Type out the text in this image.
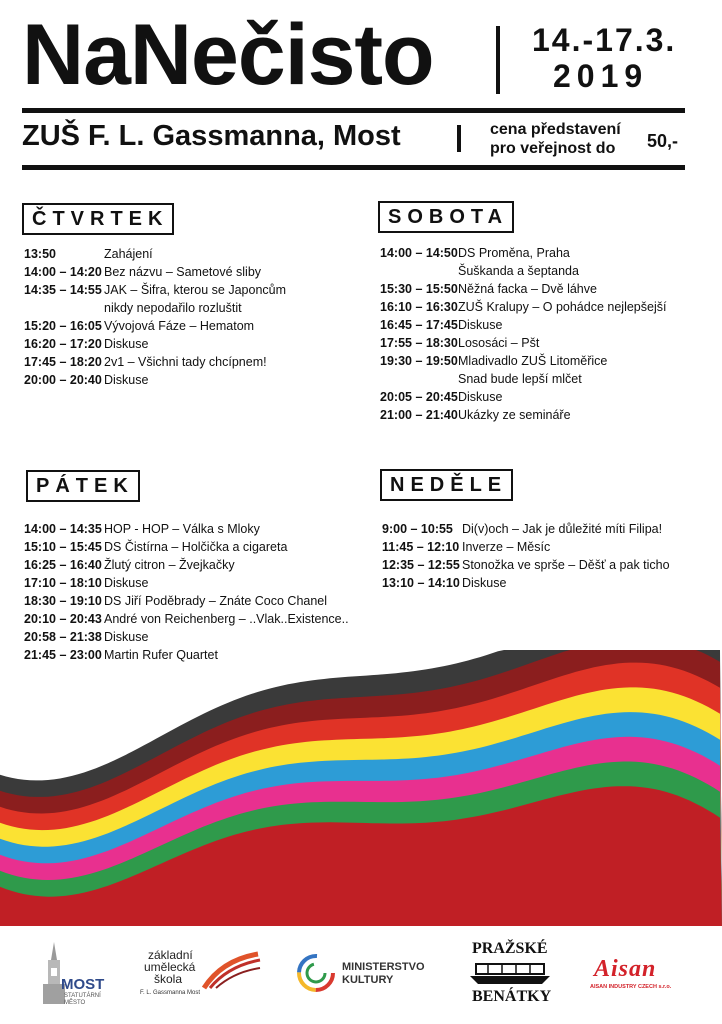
NaNečisto	14.-17.3.
2019
ZUŠ F. L. Gassmanna, Most	cena představení
pro veřejnost do 50,-
ČTVRTEK	SOBOTA
PÁTEK	NEDĚLE
13:50	Zahájení
14:00 – 14:20 Bez názvu – Sametové sliby
14:35 – 14:55 JAK – Šifra, kterou se Japoncům
nikdy nepodařilo rozluštit
15:20 – 16:05 Vývojová Fáze – Hematom
16:20 – 17:20 Diskuse
17:45 – 18:20 2v1 – Všichni tady chcípnem!
20:00 – 20:40 Diskuse
14:00 – 14:50 DS Proměna, Praha
Šuškanda a šeptanda
15:30 – 15:50 Něžná facka – Dvě láhve
16:10 – 16:30 ZUŠ Kralupy – O pohádce nejlepšejší
16:45 – 17:45 Diskuse
17:55 – 18:30 Lososáci – Pšt
19:30 – 19:50 Mladivadlo ZUŠ Litoměřice
Snad bude lepší mlčet
20:05 – 20:45 Diskuse
21:00 – 21:40 Ukázky ze semináře
14:00 – 14:35 HOP - HOP – Válka s Mloky
15:10 – 15:45 DS Čistírna – Holčička a cigareta
16:25 – 16:40 Žlutý citron – Žvejkačky
17:10 – 18:10 Diskuse
18:30 – 19:10 DS Jiří Poděbrady – Znáte Coco Chanel
20:10 – 20:43 André von Reichenberg – ..Vlak..Existence..
20:58 – 21:38 Diskuse
21:45 – 23:00 Martin Rufer Quartet
9:00 – 10:55 Di(v)och – Jak je důležité míti Filipa!
11:45 – 12:10 Inverze – Měsíc
12:35 – 12:55 Stonožka ve sprše – Děšť a pak ticho
13:10 – 14:10 Diskuse
MOST
STATUTÁRNÍ
MĚSTO
základní
umělecká
škola
F. L. Gassmanna Most
MINISTERSTVO
KULTURY
PRAŽSKÉ
BENÁTKY
Aisan
AISAN INDUSTRY CZECH s.r.o.
